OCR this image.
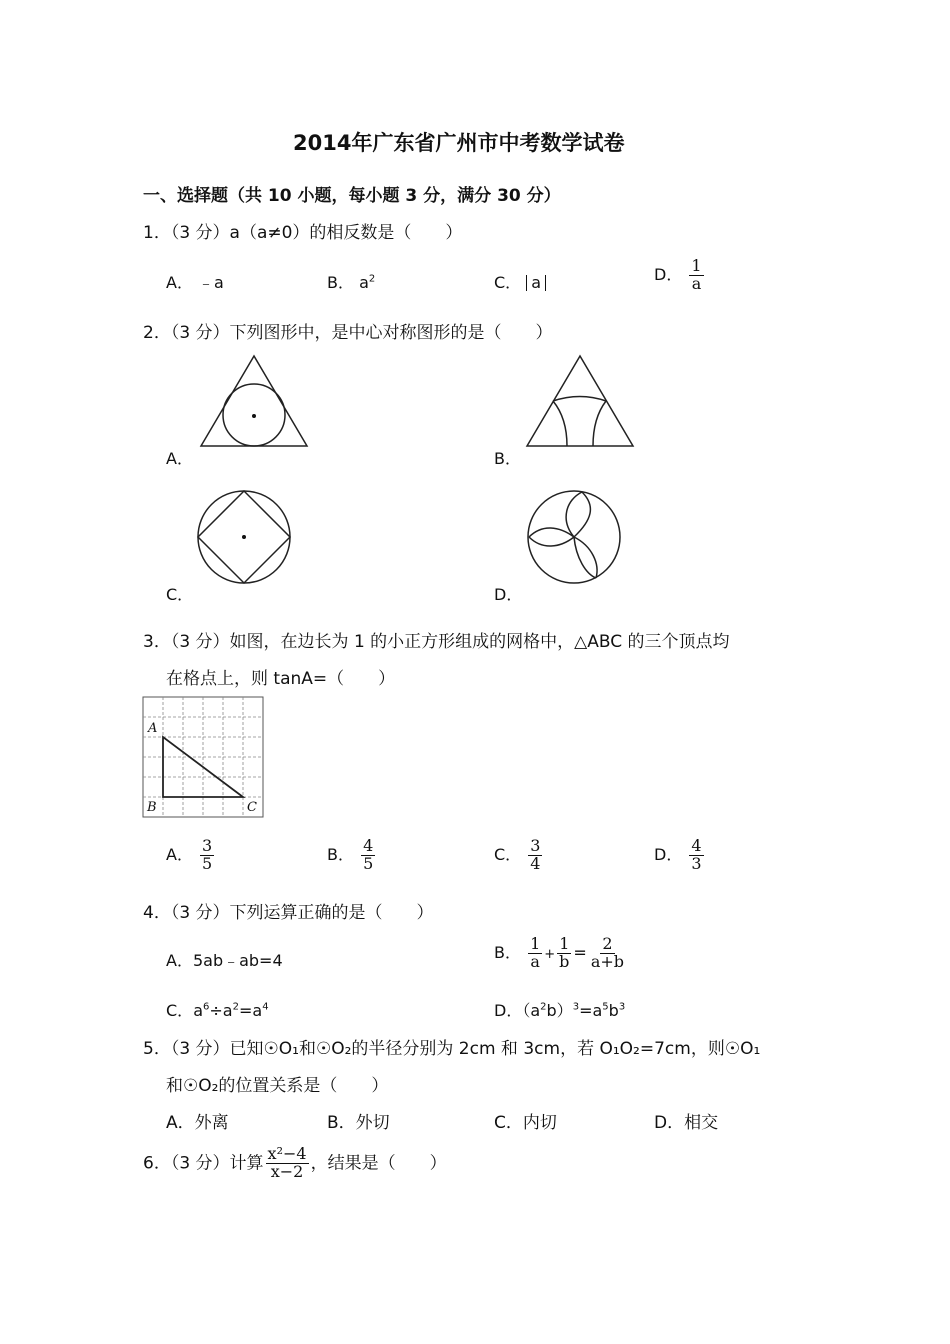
2014年广东省广州市中考数学试卷
一、选择题（共 10 小题，每小题 3 分，满分 30 分）
1．（3 分）a（a≠0）的相反数是（　　）
A． ﹣a	B． $a^2$	C． a	D． $\frac{1}{a}$
2．（3 分）下列图形中，是中心对称图形的是（　　）
A．	B．
C．	D．
3．（3 分）如图，在边长为 1 的小正方形组成的网格中，△ABC 的三个顶点均
在格点上，则 tanA=（　　）
A
B	C
A． $\frac{3}{5}$	B． $\frac{4}{5}$	C． $\frac{3}{4}$	D． $\frac{4}{3}$
4．（3 分）下列运算正确的是（　　）
A．5ab﹣ab=4	B． $\frac{1}{a} + \frac{1}{b} = \frac{2}{a+b}$
C．$a^6\div a^2=a^4$	D．$(a^2b)^3=a^5b^3$
5．（3 分）已知☉O₁和☉O₂的半径分别为 2cm 和 3cm，若 O₁O₂=7cm，则☉O₁
和☉O₂的位置关系是（　　）
A．外离	B．外切	C．内切	D．相交
6．（3 分）计算 $\frac{\text{x²−4}}{x-2}$ ，结果是（　　）
